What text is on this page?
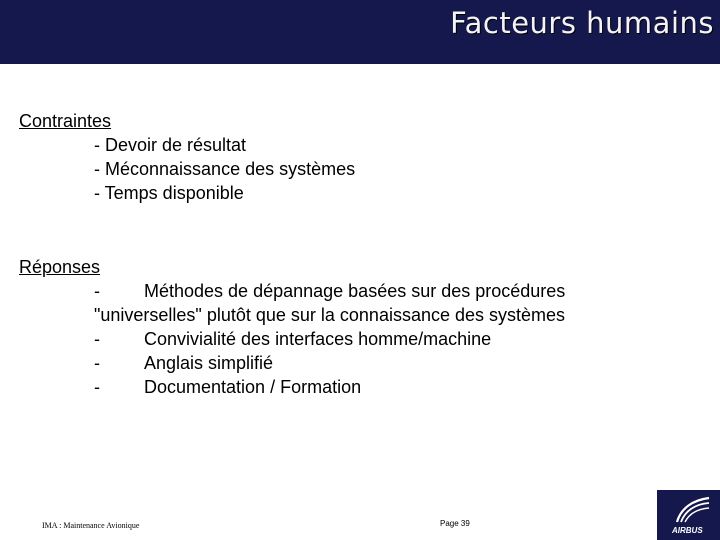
Facteurs humains
Contraintes
- Devoir de résultat
- Méconnaissance des systèmes
- Temps disponible
Réponses
- Méthodes de dépannage basées sur des procédures
"universelles" plutôt que sur la connaissance des systèmes
- Convivialité des interfaces homme/machine
- Anglais simplifié
- Documentation / Formation
IMA : Maintenance Avionique	Page 39
AIRBUS
